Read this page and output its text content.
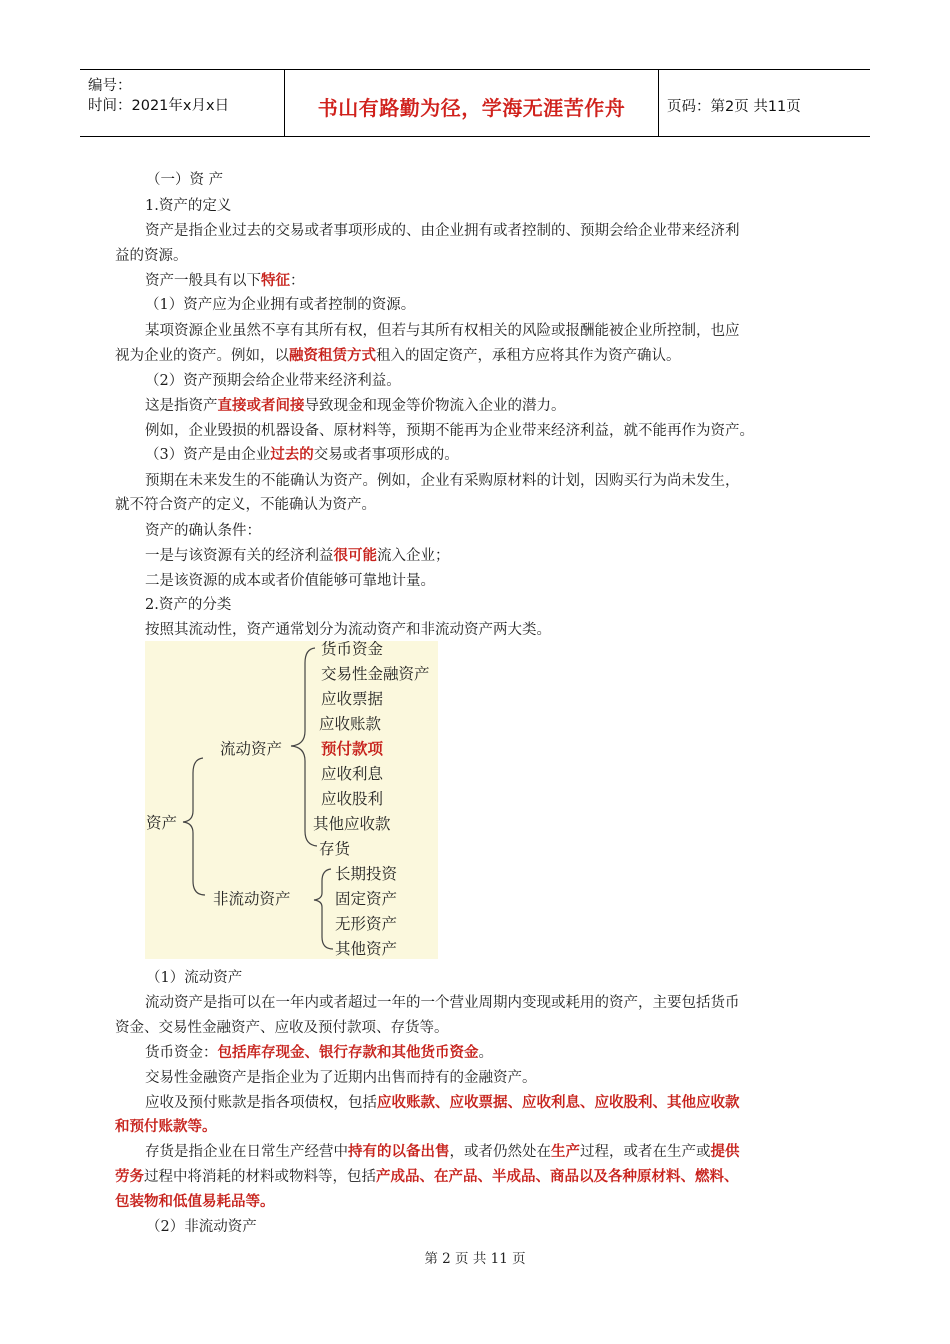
编号：
时间：2021年x月x日	书山有路勤为径，学海无涯苦作舟	页码：第2页 共11页
（一）资 产
1.资产的定义
资产是指企业过去的交易或者事项形成的、由企业拥有或者控制的、预期会给企业带来经济利
益的资源。
资产一般具有以下特征：
（1）资产应为企业拥有或者控制的资源。
某项资源企业虽然不享有其所有权，但若与其所有权相关的风险或报酬能被企业所控制，也应
视为企业的资产。例如，以融资租赁方式租入的固定资产，承租方应将其作为资产确认。
（2）资产预期会给企业带来经济利益。
这是指资产直接或者间接导致现金和现金等价物流入企业的潜力。
例如，企业毁损的机器设备、原材料等，预期不能再为企业带来经济利益，就不能再作为资产。
（3）资产是由企业过去的交易或者事项形成的。
预期在未来发生的不能确认为资产。例如，企业有采购原材料的计划，因购买行为尚未发生，
就不符合资产的定义，不能确认为资产。
资产的确认条件：
一是与该资源有关的经济利益很可能流入企业；
二是该资源的成本或者价值能够可靠地计量。
2.资产的分类
按照其流动性，资产通常划分为流动资产和非流动资产两大类。
资产
流动资产
货币资金
交易性金融资产
应收票据
应收账款
预付款项
应收利息
应收股利
其他应收款
存货
非流动资产
长期投资
固定资产
无形资产
其他资产
（1）流动资产
流动资产是指可以在一年内或者超过一年的一个营业周期内变现或耗用的资产，主要包括货币
资金、交易性金融资产、应收及预付款项、存货等。
货币资金：包括库存现金、银行存款和其他货币资金。
交易性金融资产是指企业为了近期内出售而持有的金融资产。
应收及预付账款是指各项债权，包括应收账款、应收票据、应收利息、应收股利、其他应收款
和预付账款等。
存货是指企业在日常生产经营中持有的以备出售，或者仍然处在生产过程，或者在生产或提供
劳务过程中将消耗的材料或物料等，包括产成品、在产品、半成品、商品以及各种原材料、燃料、
包装物和低值易耗品等。
（2）非流动资产
第 2 页 共 11 页
